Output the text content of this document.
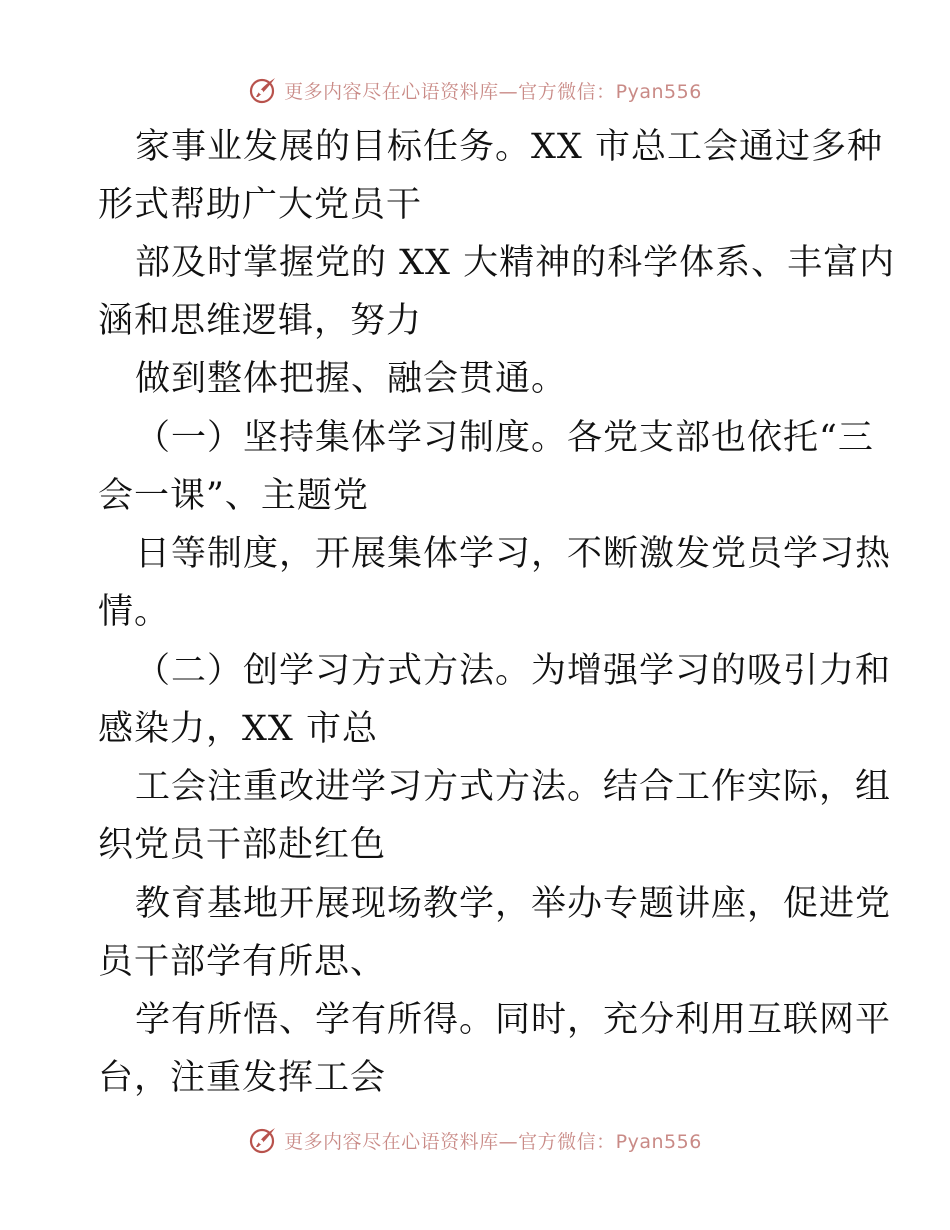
更多内容尽在心语资料库—官方微信：Pyan556
家事业发展的目标任务。XX 市总工会通过多种
形式帮助广大党员干
部及时掌握党的 XX 大精神的科学体系、丰富内
涵和思维逻辑，努力
做到整体把握、融会贯通。
（一）坚持集体学习制度。各党支部也依托“三
会一课”、主题党
日等制度，开展集体学习，不断激发党员学习热
情。
（二）创学习方式方法。为增强学习的吸引力和
感染力，XX 市总
工会注重改进学习方式方法。结合工作实际，组
织党员干部赴红色
教育基地开展现场教学，举办专题讲座，促进党
员干部学有所思、
学有所悟、学有所得。同时，充分利用互联网平
台，注重发挥工会
更多内容尽在心语资料库—官方微信：Pyan556
